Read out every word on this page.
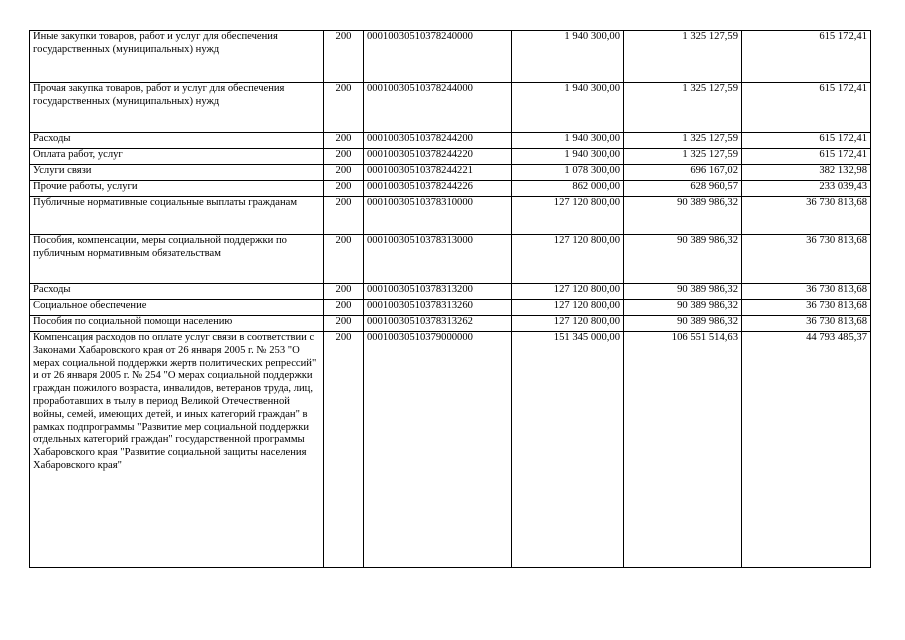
Иные закупки товаров, работ и услуг для обеспечения государственных (муниципальных) нужд	200	00010030510378240000	1 940 300,00	1 325 127,59	615 172,41
Прочая закупка товаров, работ и услуг для обеспечения государственных (муниципальных) нужд	200	00010030510378244000	1 940 300,00	1 325 127,59	615 172,41
Расходы	200	00010030510378244200	1 940 300,00	1 325 127,59	615 172,41
Оплата работ, услуг	200	00010030510378244220	1 940 300,00	1 325 127,59	615 172,41
Услуги связи	200	00010030510378244221	1 078 300,00	696 167,02	382 132,98
Прочие работы, услуги	200	00010030510378244226	862 000,00	628 960,57	233 039,43
Публичные нормативные социальные выплаты гражданам	200	00010030510378310000	127 120 800,00	90 389 986,32	36 730 813,68
Пособия, компенсации, меры социальной поддержки по публичным нормативным обязательствам	200	00010030510378313000	127 120 800,00	90 389 986,32	36 730 813,68
Расходы	200	00010030510378313200	127 120 800,00	90 389 986,32	36 730 813,68
Социальное обеспечение	200	00010030510378313260	127 120 800,00	90 389 986,32	36 730 813,68
Пособия по социальной помощи населению	200	00010030510378313262	127 120 800,00	90 389 986,32	36 730 813,68
Компенсация расходов по оплате услуг связи в соответствии с Законами Хабаровского края от 26 января 2005 г. № 253 "О мерах социальной поддержки жертв политических репрессий" и от 26 января 2005 г. № 254 "О мерах социальной поддержки граждан пожилого возраста, инвалидов, ветеранов труда, лиц, проработавших в тылу в период Великой Отечественной войны, семей, имеющих детей, и иных категорий граждан" в рамках подпрограммы "Развитие мер социальной поддержки отдельных категорий граждан" государственной программы Хабаровского края "Развитие социальной защиты населения Хабаровского края"	200	00010030510379000000	151 345 000,00	106 551 514,63	44 793 485,37
